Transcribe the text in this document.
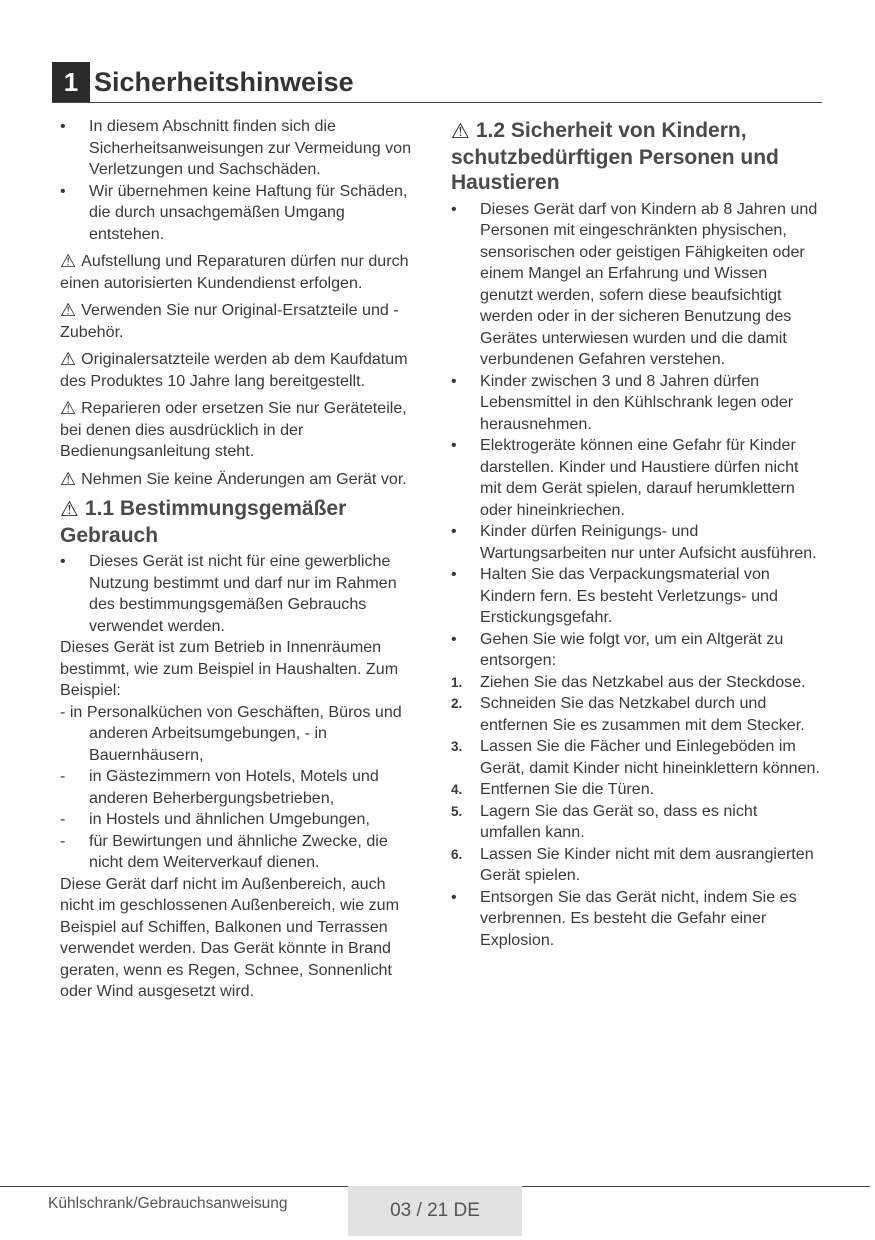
1 Sicherheitshinweise
• In diesem Abschnitt finden sich die Sicherheitsanweisungen zur Vermeidung von Verletzungen und Sachschäden.
• Wir übernehmen keine Haftung für Schäden, die durch unsachgemäßen Umgang entstehen.
⚠ Aufstellung und Reparaturen dürfen nur durch einen autorisierten Kundendienst erfolgen.
⚠ Verwenden Sie nur Original-Ersatzteile und -Zubehör.
⚠ Originalersatzteile werden ab dem Kaufdatum des Produktes 10 Jahre lang bereitgestellt.
⚠ Reparieren oder ersetzen Sie nur Geräteteile, bei denen dies ausdrücklich in der Bedienungsanleitung steht.
⚠ Nehmen Sie keine Änderungen am Gerät vor.
⚠ 1.1 Bestimmungsgemäßer Gebrauch
• Dieses Gerät ist nicht für eine gewerbliche Nutzung bestimmt und darf nur im Rahmen des bestimmungsgemäßen Gebrauchs verwendet werden.
Dieses Gerät ist zum Betrieb in Innenräumen bestimmt, wie zum Beispiel in Haushalten. Zum Beispiel:
- in Personalküchen von Geschäften, Büros und anderen Arbeitsumgebungen, - in Bauernhäusern,
- in Gästezimmern von Hotels, Motels und anderen Beherbergungsbetrieben,
- in Hostels und ähnlichen Umgebungen,
- für Bewirtungen und ähnliche Zwecke, die nicht dem Weiterverkauf dienen.
Diese Gerät darf nicht im Außenbereich, auch nicht im geschlossenen Außenbereich, wie zum Beispiel auf Schiffen, Balkonen und Terrassen verwendet werden. Das Gerät könnte in Brand geraten, wenn es Regen, Schnee, Sonnenlicht oder Wind ausgesetzt wird.
⚠ 1.2 Sicherheit von Kindern, schutzbedürftigen Personen und Haustieren
• Dieses Gerät darf von Kindern ab 8 Jahren und Personen mit eingeschränkten physischen, sensorischen oder geistigen Fähigkeiten oder einem Mangel an Erfahrung und Wissen genutzt werden, sofern diese beaufsichtigt werden oder in der sicheren Benutzung des Gerätes unterwiesen wurden und die damit verbundenen Gefahren verstehen.
• Kinder zwischen 3 und 8 Jahren dürfen Lebensmittel in den Kühlschrank legen oder herausnehmen.
• Elektrogeräte können eine Gefahr für Kinder darstellen. Kinder und Haustiere dürfen nicht mit dem Gerät spielen, darauf herumklettern oder hineinkriechen.
• Kinder dürfen Reinigungs- und Wartungsarbeiten nur unter Aufsicht ausführen.
• Halten Sie das Verpackungsmaterial von Kindern fern. Es besteht Verletzungs- und Erstickungsgefahr.
• Gehen Sie wie folgt vor, um ein Altgerät zu entsorgen:
1. Ziehen Sie das Netzkabel aus der Steckdose.
2. Schneiden Sie das Netzkabel durch und entfernen Sie es zusammen mit dem Stecker.
3. Lassen Sie die Fächer und Einlegeböden im Gerät, damit Kinder nicht hineinklettern können.
4. Entfernen Sie die Türen.
5. Lagern Sie das Gerät so, dass es nicht umfallen kann.
6. Lassen Sie Kinder nicht mit dem ausrangierten Gerät spielen.
• Entsorgen Sie das Gerät nicht, indem Sie es verbrennen. Es besteht die Gefahr einer Explosion.
Kühlschrank/Gebrauchsanweisung	03 / 21 DE
